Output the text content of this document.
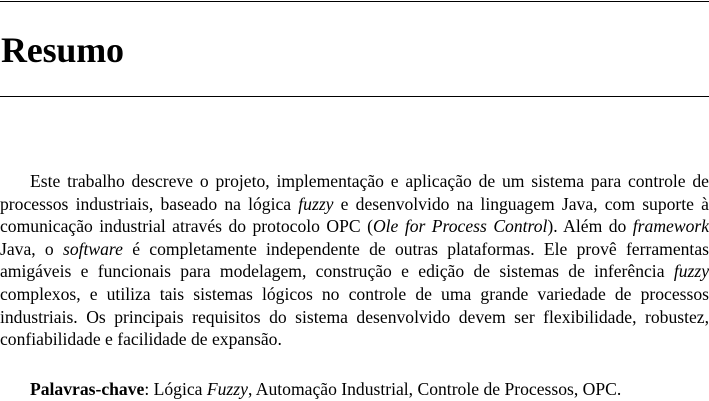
Resumo

Este trabalho descreve o projeto, implementação e aplicação de um sistema para controle de processos industriais, baseado na lógica fuzzy e desenvolvido na linguagem Java, com suporte à comunicação industrial através do protocolo OPC (Ole for Process Control). Além do framework Java, o software é completamente independente de outras plataformas. Ele provê ferramentas amigáveis e funcionais para modelagem, construção e edição de sistemas de inferência fuzzy complexos, e utiliza tais sistemas lógicos no controle de uma grande variedade de processos industriais. Os principais requisitos do sistema desenvolvido devem ser flexibilidade, robustez, confiabilidade e facilidade de expansão.

Palavras-chave: Lógica Fuzzy, Automação Industrial, Controle de Processos, OPC.
